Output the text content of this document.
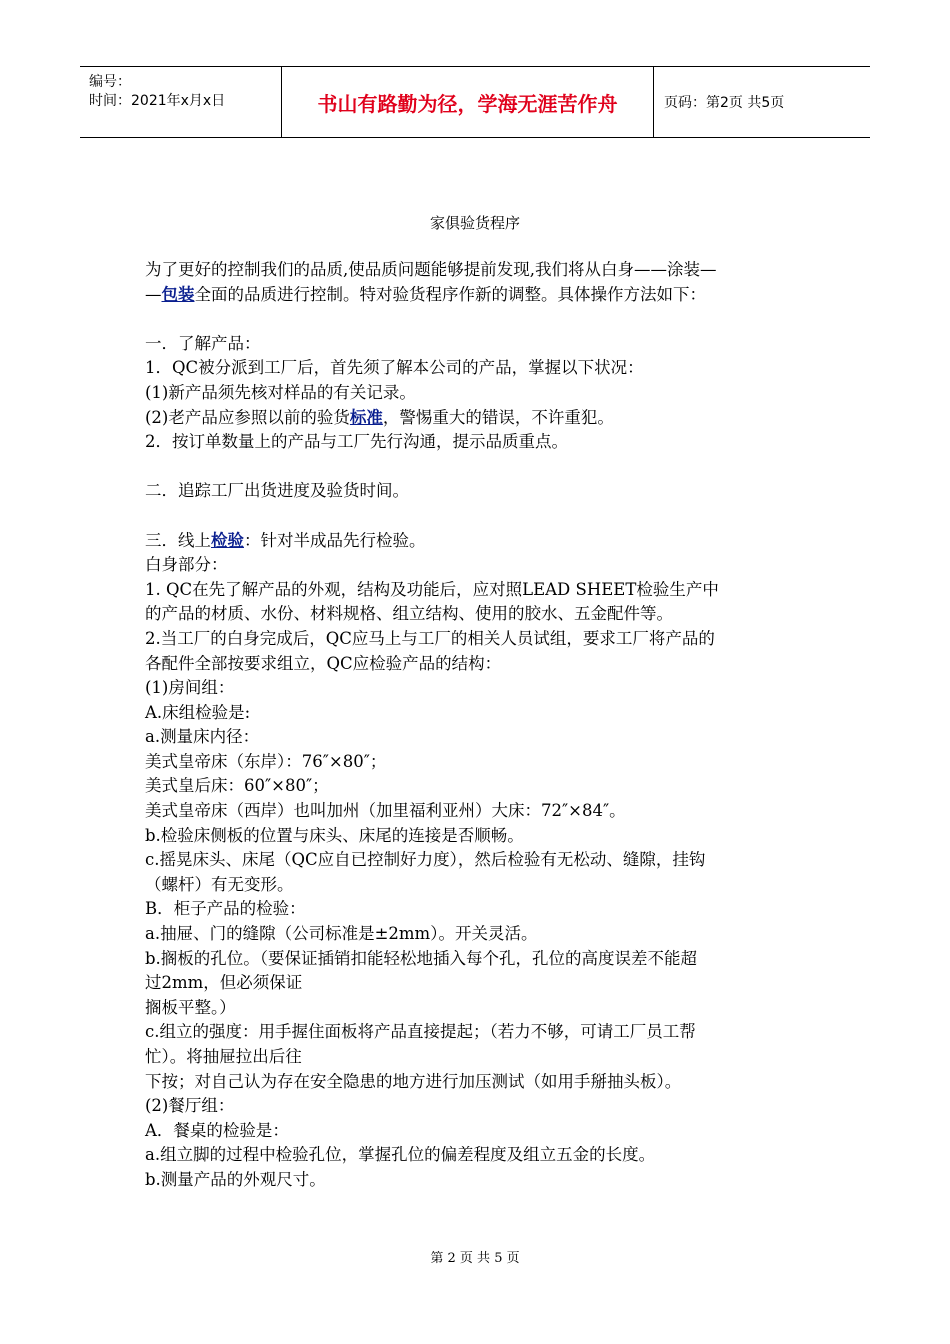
编号：
时间：2021年x月x日	书山有路勤为径，学海无涯苦作舟	页码：第2页 共5页
家俱验货程序
为了更好的控制我们的品质,使品质问题能够提前发现,我们将从白身——涂装—
—包装全面的品质进行控制。特对验货程序作新的调整。具体操作方法如下：
一．了解产品：
1．QC被分派到工厂后，首先须了解本公司的产品，掌握以下状况：
(1)新产品须先核对样品的有关记录。
(2)老产品应参照以前的验货标准，警惕重大的错误，不许重犯。
2．按订单数量上的产品与工厂先行沟通，提示品质重点。
二．追踪工厂出货进度及验货时间。
三．线上检验：针对半成品先行检验。
白身部分：
1. QC在先了解产品的外观，结构及功能后，应对照LEAD SHEET检验生产中
的产品的材质、水份、材料规格、组立结构、使用的胶水、五金配件等。
2.当工厂的白身完成后，QC应马上与工厂的相关人员试组，要求工厂将产品的
各配件全部按要求组立，QC应检验产品的结构：
(1)房间组：
A.床组检验是:
a.测量床内径：
美式皇帝床（东岸）：76″×80″；
美式皇后床：60″×80″；
美式皇帝床（西岸）也叫加州（加里福利亚州）大床：72″×84″。
b.检验床侧板的位置与床头、床尾的连接是否顺畅。
c.摇晃床头、床尾（QC应自已控制好力度），然后检验有无松动、缝隙，挂钩
（螺杆）有无变形。
B．柜子产品的检验：
a.抽屉、门的缝隙（公司标准是±2mm）。开关灵活。
b.搁板的孔位。（要保证插销扣能轻松地插入每个孔，孔位的高度误差不能超
过2mm，但必须保证
搁板平整。）
c.组立的强度：用手握住面板将产品直接提起；（若力不够，可请工厂员工帮
忙）。将抽屉拉出后往
下按；对自己认为存在安全隐患的地方进行加压测试（如用手掰抽头板）。
(2)餐厅组：
A．餐桌的检验是：
a.组立脚的过程中检验孔位，掌握孔位的偏差程度及组立五金的长度。
b.测量产品的外观尺寸。
第 2 页 共 5 页
